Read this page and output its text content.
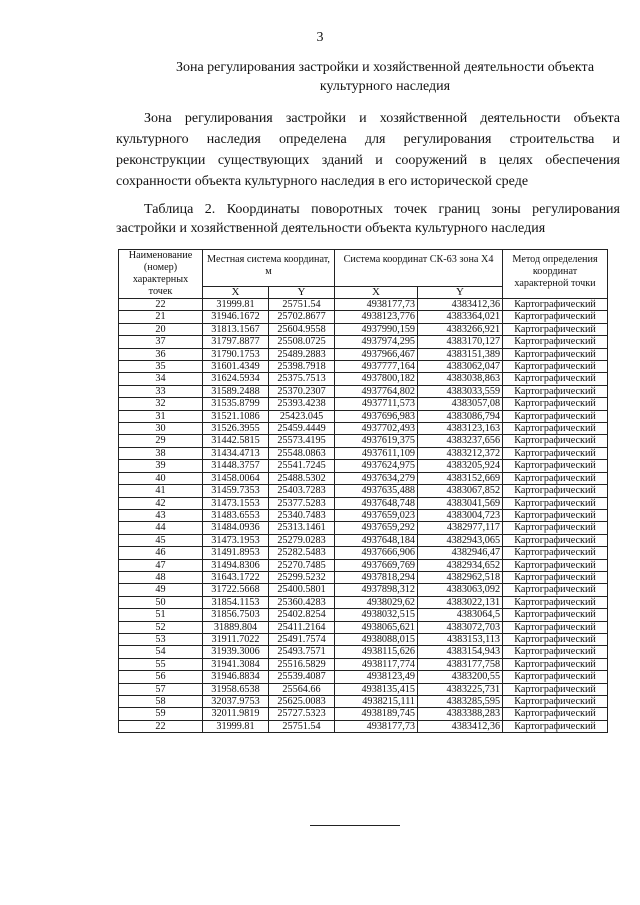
3
Зона регулирования застройки и хозяйственной деятельности объекта культурного наследия
Зона регулирования застройки и хозяйственной деятельности объекта культурного наследия определена для регулирования строительства и реконструкции существующих зданий и сооружений в целях обеспечения сохранности объекта культурного наследия в его исторической среде
Таблица 2. Координаты поворотных точек границ зоны регулирования застройки и хозяйственной деятельности объекта культурного наследия
Наименование (номер) характерных точек	Местная система координат, м		Система координат СК-63 зона X4		Метод определения координат характерной точки
	X	Y	X	Y	
22	31999.81	25751.54	4938177,73	4383412,36	Картографический
21	31946.1672	25702.8677	4938123,776	4383364,021	Картографический
20	31813.1567	25604.9558	4937990,159	4383266,921	Картографический
37	31797.8877	25508.0725	4937974,295	4383170,127	Картографический
36	31790.1753	25489.2883	4937966,467	4383151,389	Картографический
35	31601.4349	25398.7918	4937777,164	4383062,047	Картографический
34	31624.5934	25375.7513	4937800,182	4383038,863	Картографический
33	31589.2488	25370.2307	4937764,802	4383033,559	Картографический
32	31535.8799	25393.4238	4937711,573	4383057,08	Картографический
31	31521.1086	25423.045	4937696,983	4383086,794	Картографический
30	31526.3955	25459.4449	4937702,493	4383123,163	Картографический
29	31442.5815	25573.4195	4937619,375	4383237,656	Картографический
38	31434.4713	25548.0863	4937611,109	4383212,372	Картографический
39	31448.3757	25541.7245	4937624,975	4383205,924	Картографический
40	31458.0064	25488.5302	4937634,279	4383152,669	Картографический
41	31459.7353	25403.7283	4937635,488	4383067,852	Картографический
42	31473.1553	25377.5283	4937648,748	4383041,569	Картографический
43	31483.6553	25340.7483	4937659,023	4383004,723	Картографический
44	31484.0936	25313.1461	4937659,292	4382977,117	Картографический
45	31473.1953	25279.0283	4937648,184	4382943,065	Картографический
46	31491.8953	25282.5483	4937666,906	4382946,47	Картографический
47	31494.8306	25270.7485	4937669,769	4382934,652	Картографический
48	31643.1722	25299.5232	4937818,294	4382962,518	Картографический
49	31722.5668	25400.5801	4937898,312	4383063,092	Картографический
50	31854.1153	25360.4283	4938029,62	4383022,131	Картографический
51	31856.7503	25402.8254	4938032,515	4383064,5	Картографический
52	31889.804	25411.2164	4938065,621	4383072,703	Картографический
53	31911.7022	25491.7574	4938088,015	4383153,113	Картографический
54	31939.3006	25493.7571	4938115,626	4383154,943	Картографический
55	31941.3084	25516.5829	4938117,774	4383177,758	Картографический
56	31946.8834	25539.4087	4938123,49	4383200,55	Картографический
57	31958.6538	25564.66	4938135,415	4383225,731	Картографический
58	32037.9753	25625.0083	4938215,111	4383285,595	Картографический
59	32011.9819	25727.5323	4938189,745	4383388,283	Картографический
22	31999.81	25751.54	4938177,73	4383412,36	Картографический
